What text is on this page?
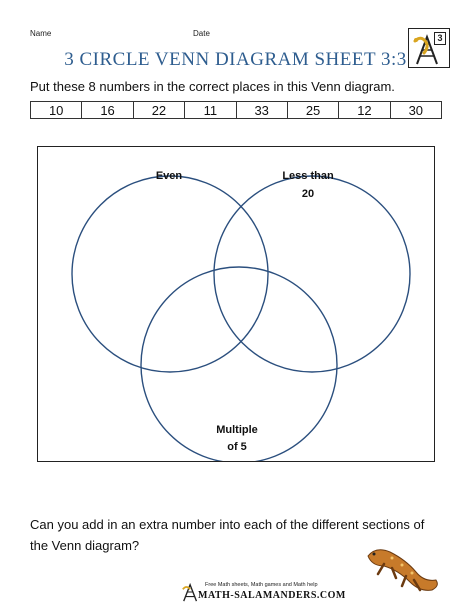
Name	Date
3 CIRCLE VENN DIAGRAM SHEET 3:3
3
Put these 8 numbers in the correct places in this Venn diagram.
10	16	22	11	33	25	12	30
Even	Less than
20
Multiple
of 5
Can you add in an extra number into each of the different sections of the Venn diagram?
Free Math sheets, Math games and Math help
MATH-SALAMANDERS.COM
